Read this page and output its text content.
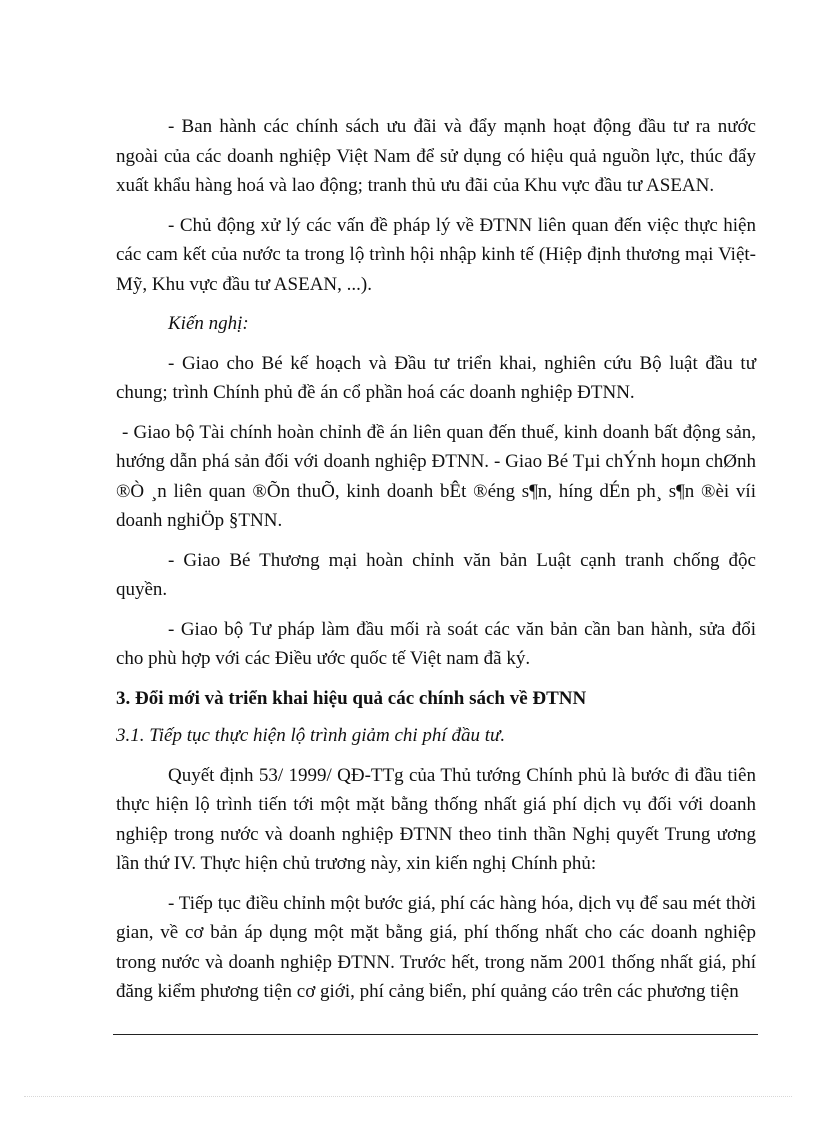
- Ban hành các chính sách ưu đãi và đẩy mạnh hoạt động đầu tư ra nước ngoài của các doanh nghiệp Việt Nam để sử dụng có hiệu quả nguồn lực, thúc đẩy xuất khẩu hàng hoá và lao động; tranh thủ ưu đãi của Khu vực đầu tư ASEAN.

- Chủ động xử lý các vấn đề pháp lý về ĐTNN liên quan đến việc thực hiện các cam kết của nước ta trong lộ trình hội nhập kinh tế (Hiệp định thương mại Việt-Mỹ, Khu vực đầu tư ASEAN, ...).

Kiến nghị:

- Giao cho Bé kế hoạch và Đầu tư triển khai, nghiên cứu Bộ luật đầu tư chung; trình Chính phủ đề án cổ phần hoá các doanh nghiệp ĐTNN.

- Giao bộ Tài chính hoàn chỉnh đề án liên quan đến thuế, kinh doanh bất động sản, hướng dẫn phá sản đối với doanh nghiệp ĐTNN. - Giao Bé Tµi chÝnh hoµn chØnh ®Ò ¸n liên quan ®Õn thuÕ, kinh doanh bÊt ®éng s¶n, híng dÉn ph¸ s¶n ®èi víi doanh nghiÖp §TNN.

- Giao Bé Thương mại hoàn chỉnh văn bản Luật cạnh tranh chống độc quyền.

- Giao bộ Tư pháp làm đầu mối rà soát các văn bản cần ban hành, sửa đổi cho phù hợp với các Điều ước quốc tế Việt nam đã ký.

3. Đổi mới và triển khai hiệu quả các chính sách về ĐTNN

3.1. Tiếp tục thực hiện lộ trình giảm chi phí đầu tư.

Quyết định 53/ 1999/ QĐ-TTg của Thủ tướng Chính phủ là bước đi đầu tiên thực hiện lộ trình tiến tới một mặt bằng thống nhất giá phí dịch vụ đối với doanh nghiệp trong nước và doanh nghiệp ĐTNN theo tinh thần Nghị quyết Trung ương lần thứ IV. Thực hiện chủ trương này, xin kiến nghị Chính phủ:

- Tiếp tục điều chỉnh một bước giá, phí các hàng hóa, dịch vụ để sau mét thời gian, về cơ bản áp dụng một mặt bằng giá, phí thống nhất cho các doanh nghiệp trong nước và doanh nghiệp ĐTNN. Trước hết, trong năm 2001 thống nhất giá, phí đăng kiểm phương tiện cơ giới, phí cảng biển, phí quảng cáo trên các phương tiện
